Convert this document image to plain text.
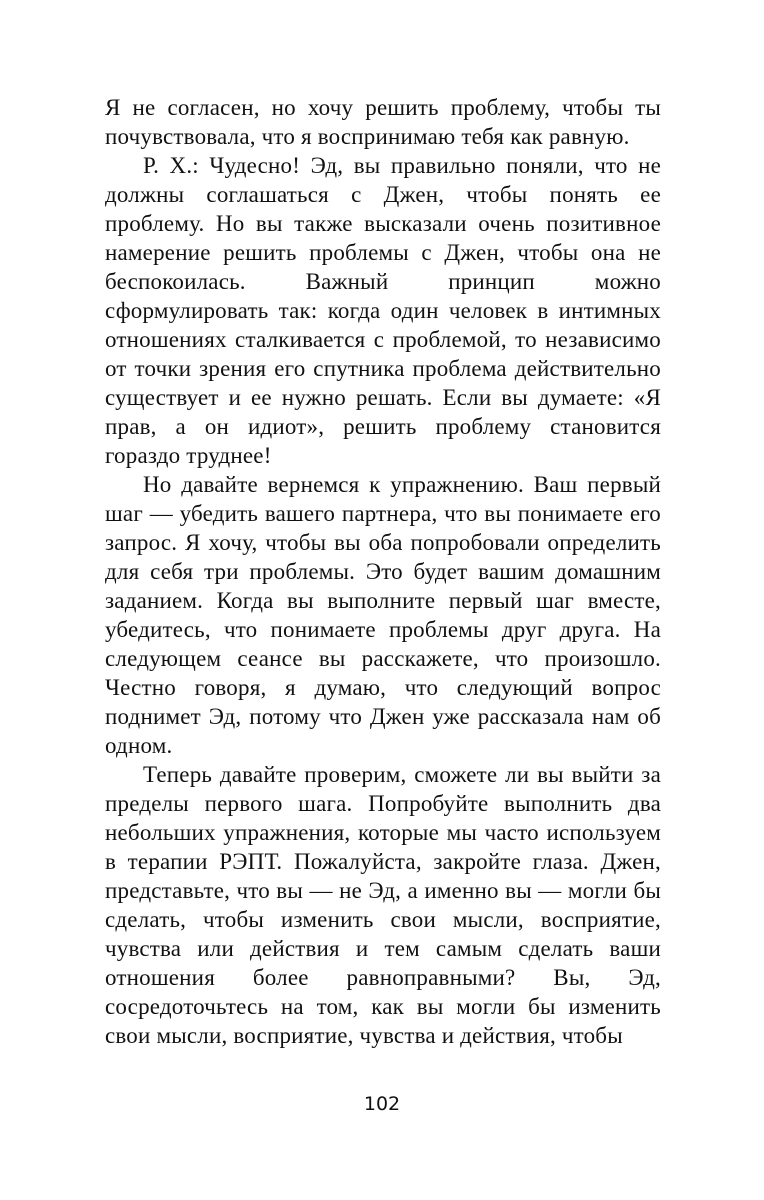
Я не согласен, но хочу решить проблему, чтобы ты почувствовала, что я воспринимаю тебя как равную.

Р. Х.: Чудесно! Эд, вы правильно поняли, что не должны соглашаться с Джен, чтобы понять ее проблему. Но вы также высказали очень позитивное намерение решить проблемы с Джен, чтобы она не беспокоилась. Важный принцип можно сформулировать так: когда один человек в интимных отношениях сталкивается с проблемой, то независимо от точки зрения его спутника проблема действительно существует и ее нужно решать. Если вы думаете: «Я прав, а он идиот», решить проблему становится гораздо труднее!

Но давайте вернемся к упражнению. Ваш первый шаг — убедить вашего партнера, что вы понимаете его запрос. Я хочу, чтобы вы оба попробовали определить для себя три проблемы. Это будет вашим домашним заданием. Когда вы выполните первый шаг вместе, убедитесь, что понимаете проблемы друг друга. На следующем сеансе вы расскажете, что произошло. Честно говоря, я думаю, что следующий вопрос поднимет Эд, потому что Джен уже рассказала нам об одном.

Теперь давайте проверим, сможете ли вы выйти за пределы первого шага. Попробуйте выполнить два небольших упражнения, которые мы часто используем в терапии РЭПТ. Пожалуйста, закройте глаза. Джен, представьте, что вы — не Эд, а именно вы — могли бы сделать, чтобы изменить свои мысли, восприятие, чувства или действия и тем самым сделать ваши отношения более равноправными? Вы, Эд, сосредоточьтесь на том, как вы могли бы изменить свои мысли, восприятие, чувства и действия, чтобы

102
